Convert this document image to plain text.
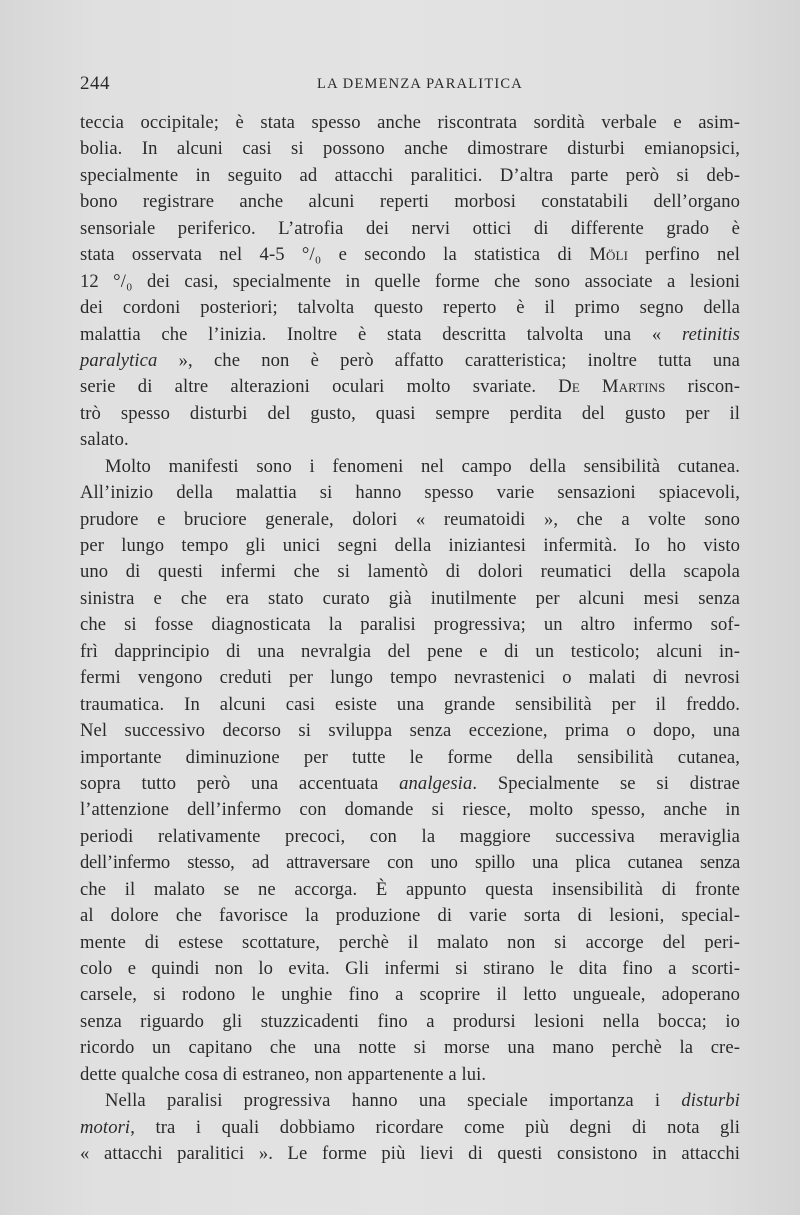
244	LA DEMENZA PARALITICA
teccia occipitale; è stata spesso anche riscontrata sordità verbale e asim-
bolia. In alcuni casi si possono anche dimostrare disturbi emianopsici,
specialmente in seguito ad attacchi paralitici. D’altra parte però si deb-
bono registrare anche alcuni reperti morbosi constatabili dell’organo
sensoriale periferico. L’atrofia dei nervi ottici di differente grado è
stata osservata nel 4-5 °/₀ e secondo la statistica di Möli perfino nel
12 °/₀ dei casi, specialmente in quelle forme che sono associate a lesioni
dei cordoni posteriori; talvolta questo reperto è il primo segno della
malattia che l’inizia. Inoltre è stata descritta talvolta una « retinitis
paralytica », che non è però affatto caratteristica; inoltre tutta una
serie di altre alterazioni oculari molto svariate. De Martins riscon-
trò spesso disturbi del gusto, quasi sempre perdita del gusto per il
salato.
Molto manifesti sono i fenomeni nel campo della sensibilità cutanea.
All’inizio della malattia si hanno spesso varie sensazioni spiacevoli,
prudore e bruciore generale, dolori « reumatoidi », che a volte sono
per lungo tempo gli unici segni della iniziantesi infermità. Io ho visto
uno di questi infermi che si lamentò di dolori reumatici della scapola
sinistra e che era stato curato già inutilmente per alcuni mesi senza
che si fosse diagnosticata la paralisi progressiva; un altro infermo sof-
frì dapprincipio di una nevralgia del pene e di un testicolo; alcuni in-
fermi vengono creduti per lungo tempo nevrastenici o malati di nevrosi
traumatica. In alcuni casi esiste una grande sensibilità per il freddo.
Nel successivo decorso si sviluppa senza eccezione, prima o dopo, una
importante diminuzione per tutte le forme della sensibilità cutanea,
sopra tutto però una accentuata analgesia. Specialmente se si distrae
l’attenzione dell’infermo con domande si riesce, molto spesso, anche in
periodi relativamente precoci, con la maggiore successiva meraviglia
dell’infermo stesso, ad attraversare con uno spillo una plica cutanea senza
che il malato se ne accorga. È appunto questa insensibilità di fronte
al dolore che favorisce la produzione di varie sorta di lesioni, special-
mente di estese scottature, perchè il malato non si accorge del peri-
colo e quindi non lo evita. Gli infermi si stirano le dita fino a scorti-
carsele, si rodono le unghie fino a scoprire il letto ungueale, adoperano
senza riguardo gli stuzzicadenti fino a prodursi lesioni nella bocca; io
ricordo un capitano che una notte si morse una mano perchè la cre-
dette qualche cosa di estraneo, non appartenente a lui.
Nella paralisi progressiva hanno una speciale importanza i disturbi
motori, tra i quali dobbiamo ricordare come più degni di nota gli
« attacchi paralitici ». Le forme più lievi di questi consistono in attacchi
